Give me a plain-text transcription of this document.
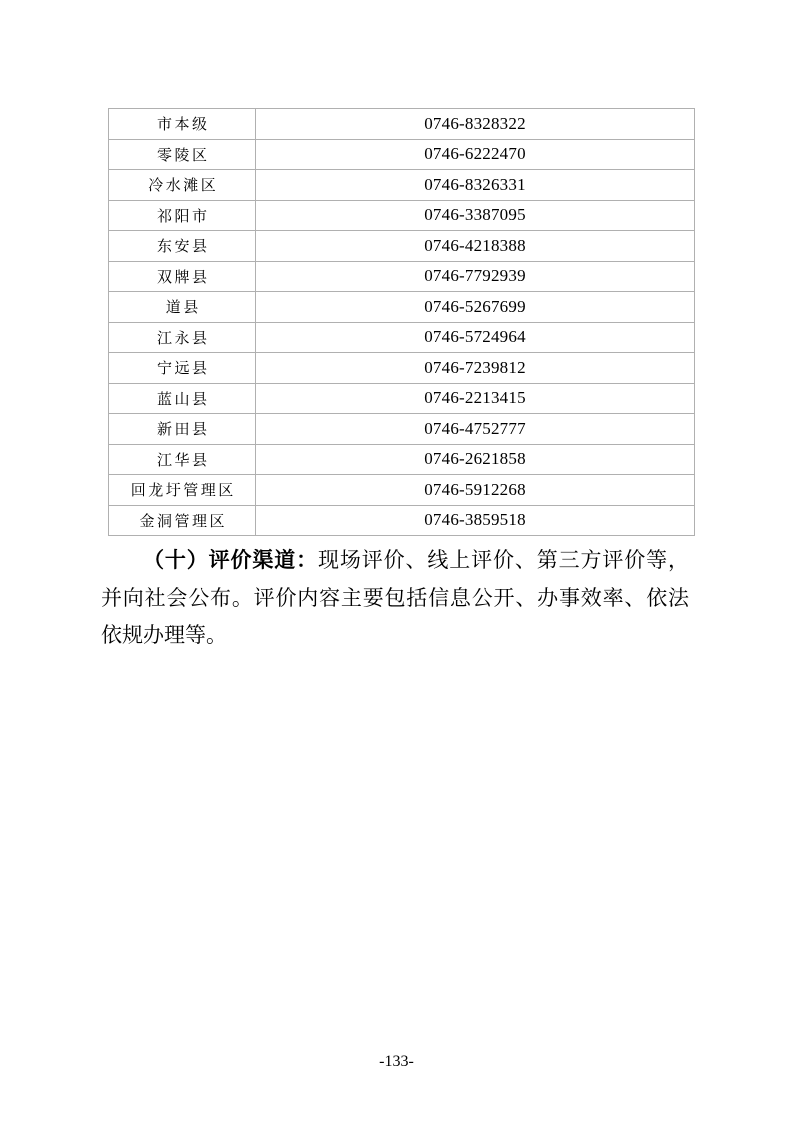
市本级	0746-8328322
零陵区	0746-6222470
冷水滩区	0746-8326331
祁阳市	0746-3387095
东安县	0746-4218388
双牌县	0746-7792939
道县	0746-5267699
江永县	0746-5724964
宁远县	0746-7239812
蓝山县	0746-2213415
新田县	0746-4752777
江华县	0746-2621858
回龙圩管理区	0746-5912268
金洞管理区	0746-3859518
（十）评价渠道：现场评价、线上评价、第三方评价等，
并向社会公布。评价内容主要包括信息公开、办事效率、依法
依规办理等。
-133-
